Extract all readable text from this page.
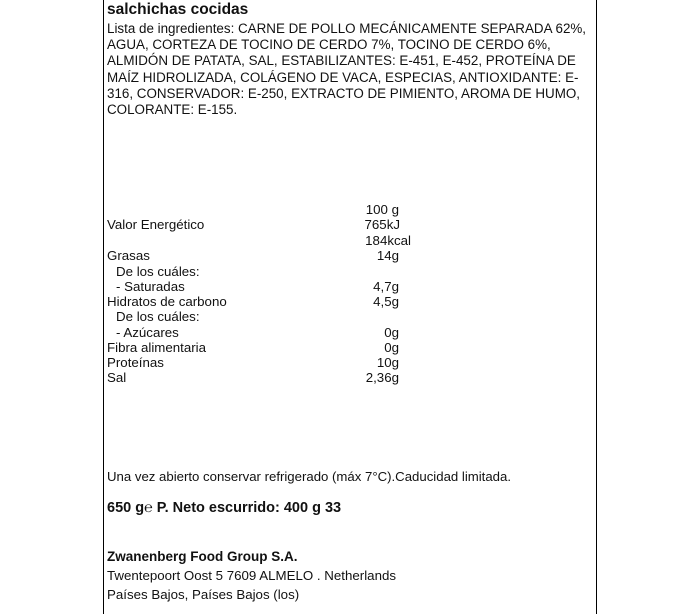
salchichas cocidas
Lista de ingredientes: CARNE DE POLLO MECÁNICAMENTE SEPARADA 62%, AGUA, CORTEZA DE TOCINO DE CERDO 7%, TOCINO DE CERDO 6%, ALMIDÓN DE PATATA, SAL, ESTABILIZANTES: E-451, E-452, PROTEÍNA DE MAÍZ HIDROLIZADA, COLÁGENO DE VACA, ESPECIAS, ANTIOXIDANTE: E-316, CONSERVADOR: E-250, EXTRACTO DE PIMIENTO, AROMA DE HUMO, COLORANTE: E-155.
100 g
Valor Energético	765kJ
184kcal
Grasas	14g
De los cuáles:
- Saturadas	4,7g
Hidratos de carbono	4,5g
De los cuáles:
- Azúcares	0g
Fibra alimentaria	0g
Proteínas	10g
Sal	2,36g
Una vez abierto conservar refrigerado (máx 7°C).Caducidad limitada.
650 g℮ P. Neto escurrido: 400 g 33
Zwanenberg Food Group S.A.
Twentepoort Oost 5 7609 ALMELO . Netherlands
Países Bajos, Países Bajos (los)
